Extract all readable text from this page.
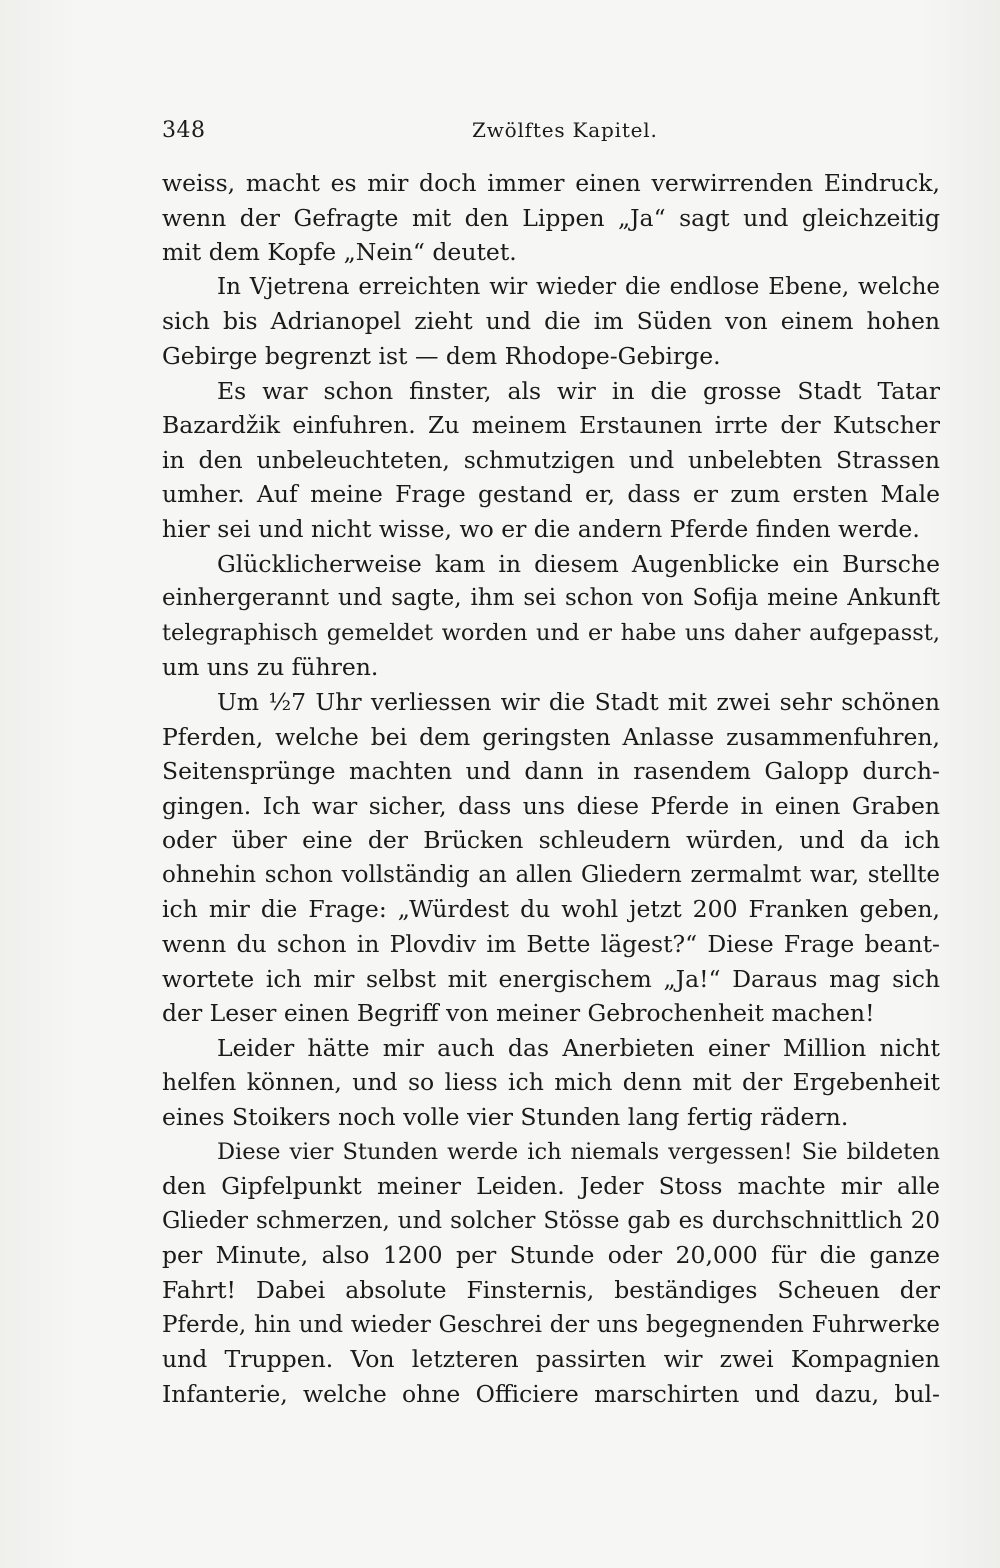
348	Zwölftes Kapitel.
weiss, macht es mir doch immer einen verwirrenden Eindruck,
wenn der Gefragte mit den Lippen „Ja“ sagt und gleichzeitig
mit dem Kopfe „Nein“ deutet.
In Vjetrena erreichten wir wieder die endlose Ebene, welche
sich bis Adrianopel zieht und die im Süden von einem hohen
Gebirge begrenzt ist — dem Rhodope-Gebirge.
Es war schon finster, als wir in die grosse Stadt Tatar
Bazardžik einfuhren. Zu meinem Erstaunen irrte der Kutscher
in den unbeleuchteten, schmutzigen und unbelebten Strassen
umher. Auf meine Frage gestand er, dass er zum ersten Male
hier sei und nicht wisse, wo er die andern Pferde finden werde.
Glücklicherweise kam in diesem Augenblicke ein Bursche
einhergerannt und sagte, ihm sei schon von Sofija meine Ankunft
telegraphisch gemeldet worden und er habe uns daher aufgepasst,
um uns zu führen.
Um ½7 Uhr verliessen wir die Stadt mit zwei sehr schönen
Pferden, welche bei dem geringsten Anlasse zusammenfuhren,
Seitensprünge machten und dann in rasendem Galopp durch-
gingen. Ich war sicher, dass uns diese Pferde in einen Graben
oder über eine der Brücken schleudern würden, und da ich
ohnehin schon vollständig an allen Gliedern zermalmt war, stellte
ich mir die Frage: „Würdest du wohl jetzt 200 Franken geben,
wenn du schon in Plovdiv im Bette lägest?“ Diese Frage beant-
wortete ich mir selbst mit energischem „Ja!“ Daraus mag sich
der Leser einen Begriff von meiner Gebrochenheit machen!
Leider hätte mir auch das Anerbieten einer Million nicht
helfen können, und so liess ich mich denn mit der Ergebenheit
eines Stoikers noch volle vier Stunden lang fertig rädern.
Diese vier Stunden werde ich niemals vergessen! Sie bildeten
den Gipfelpunkt meiner Leiden. Jeder Stoss machte mir alle
Glieder schmerzen, und solcher Stösse gab es durchschnittlich 20
per Minute, also 1200 per Stunde oder 20,000 für die ganze
Fahrt! Dabei absolute Finsternis, beständiges Scheuen der
Pferde, hin und wieder Geschrei der uns begegnenden Fuhrwerke
und Truppen. Von letzteren passirten wir zwei Kompagnien
Infanterie, welche ohne Officiere marschirten und dazu, bul-
